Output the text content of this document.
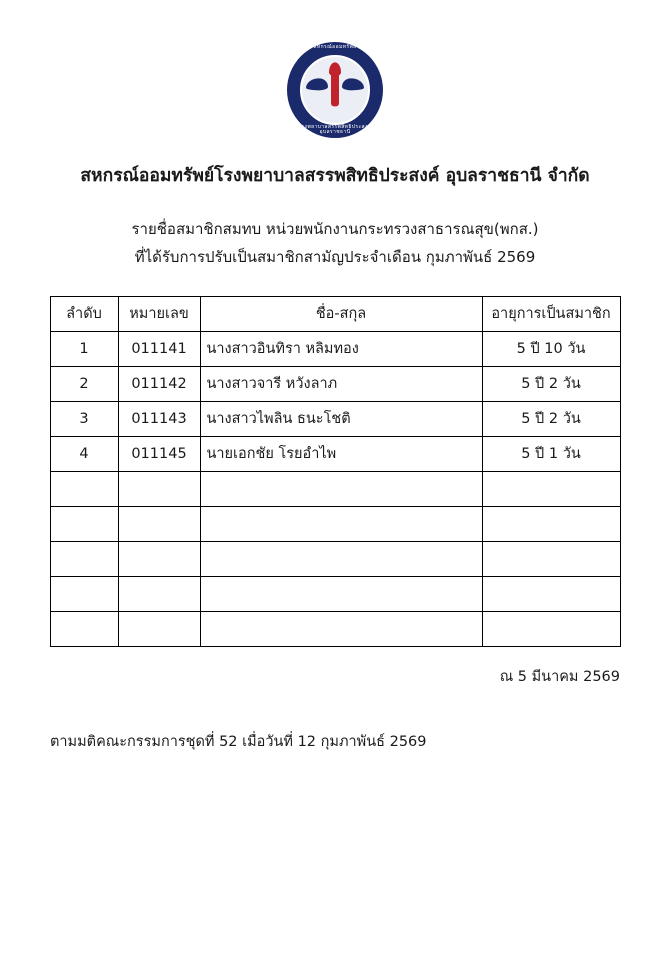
สหกรณ์ออมทรัพย์
โรงพยาบาลสรรพสิทธิประสงค์ อุบลราชธานี
สหกรณ์ออมทรัพย์โรงพยาบาลสรรพสิทธิประสงค์ อุบลราชธานี จำกัด
รายชื่อสมาชิกสมทบ หน่วยพนักงานกระทรวงสาธารณสุข(พกส.)
ที่ได้รับการปรับเป็นสมาชิกสามัญประจำเดือน กุมภาพันธ์ 2569
ลำดับ	หมายเลข	ชื่อ-สกุล	อายุการเป็นสมาชิก
1	011141	นางสาวอินทิรา หลิมทอง	5 ปี 10 วัน
2	011142	นางสาวจารี หวังลาภ	5 ปี 2 วัน
3	011143	นางสาวไพลิน ธนะโชติ	5 ปี 2 วัน
4	011145	นายเอกชัย โรยอำไพ	5 ปี 1 วัน

ณ 5 มีนาคม 2569
ตามมติคณะกรรมการชุดที่ 52 เมื่อวันที่ 12 กุมภาพันธ์ 2569
